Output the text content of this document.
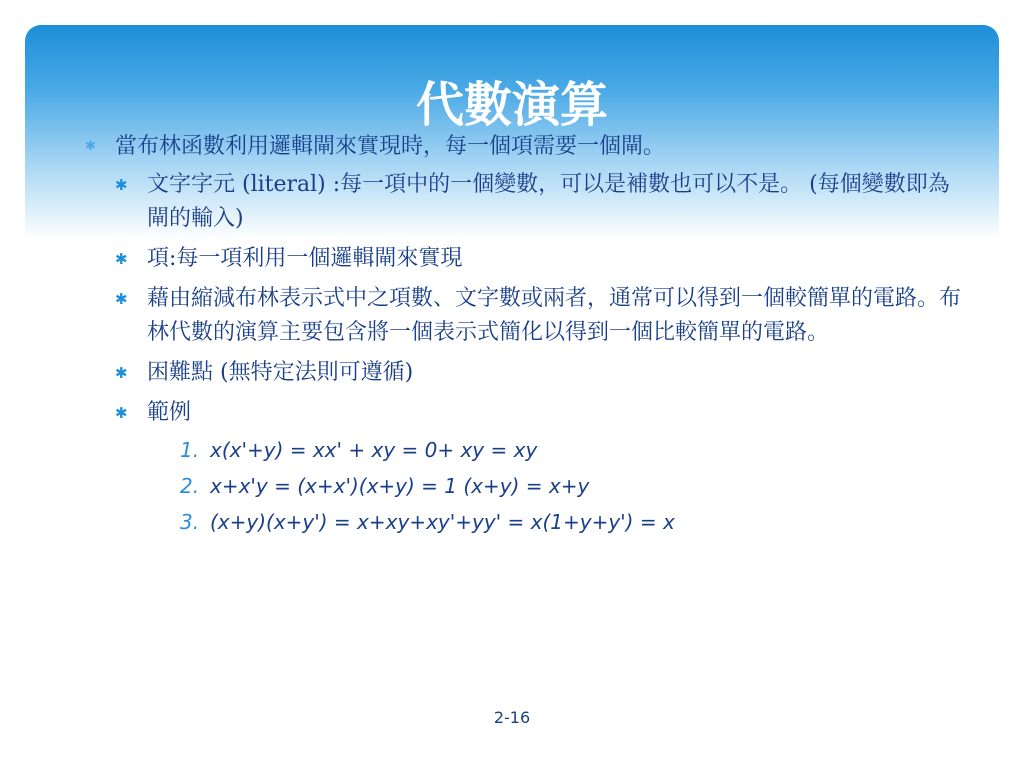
代數演算

✱ 當布林函數利用邏輯閘來實現時，每一個項需要一個閘。

✱ 文字字元 (literal) :每一項中的一個變數，可以是補數也可以不是。 (每個變數即為閘的輸入)
✱ 項:每一項利用一個邏輯閘來實現
✱ 藉由縮減布林表示式中之項數、文字數或兩者，通常可以得到一個較簡單的電路。布林代數的演算主要包含將一個表示式簡化以得到一個比較簡單的電路。
✱ 困難點 (無特定法則可遵循)
✱ 範例
1. x(x'+y) = xx' + xy = 0+ xy = xy
2. x+x'y = (x+x')(x+y) = 1 (x+y) = x+y
3. (x+y)(x+y') = x+xy+xy'+yy' = x(1+y+y') = x
2-16
